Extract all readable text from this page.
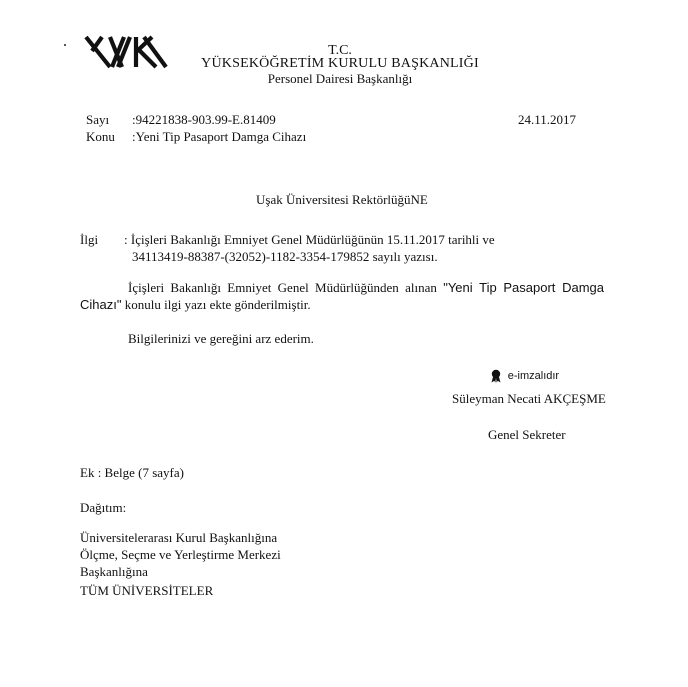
T.C.
YÜKSEKÖĞRETİM KURULU BAŞKANLIĞI
Personel Dairesi Başkanlığı
Sayı :94221838-903.99-E.81409	24.11.2017
Konu :Yeni Tip Pasaport Damga Cihazı
Uşak Üniversitesi RektörlüğüNE
İlgi : İçişleri Bakanlığı Emniyet Genel Müdürlüğünün 15.11.2017 tarihli ve
34113419-88387-(32052)-1182-3354-179852 sayılı yazısı.
İçişleri Bakanlığı Emniyet Genel Müdürlüğünden alınan "Yeni Tip Pasaport Damga Cihazı" konulu ilgi yazı ekte gönderilmiştir.
Bilgilerinizi ve gereğini arz ederim.
e-imzalıdır
Süleyman Necati AKÇEŞME
Genel Sekreter
Ek : Belge (7 sayfa)
Dağıtım:
Üniversitelerarası Kurul Başkanlığına
Ölçme, Seçme ve Yerleştirme Merkezi
Başkanlığına
TÜM ÜNİVERSİTELER
